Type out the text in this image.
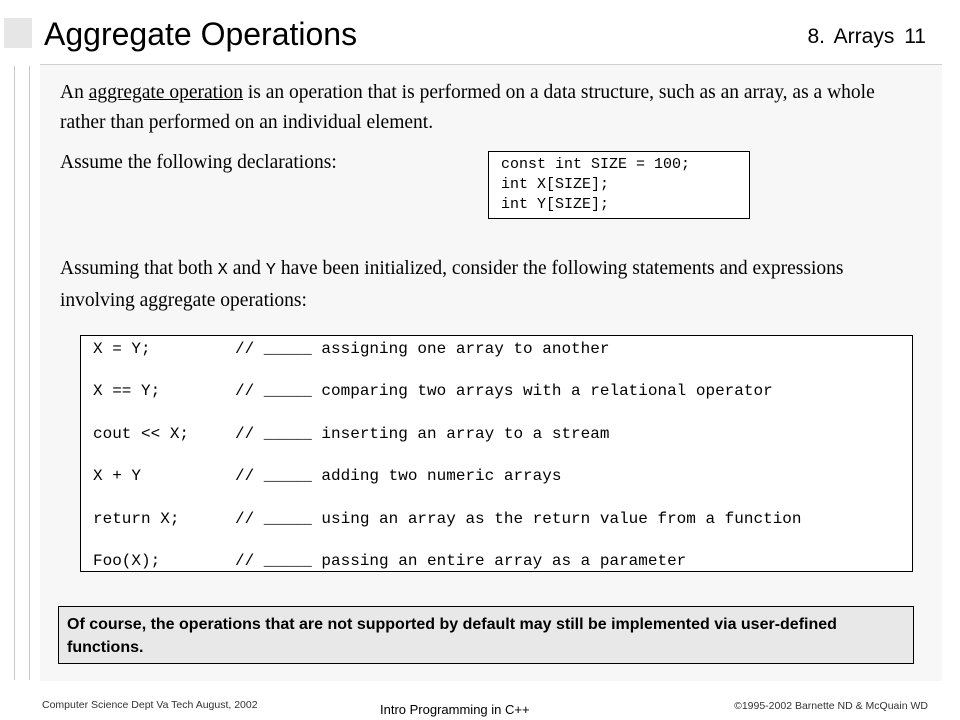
Aggregate Operations	8. Arrays 11

An aggregate operation is an operation that is performed on a data structure, such as an array, as a whole rather than performed on an individual element.

Assume the following declarations:	const int SIZE = 100;
int X[SIZE];
int Y[SIZE];

Assuming that both X and Y have been initialized, consider the following statements and expressions involving aggregate operations:

X = Y;	// _____ assigning one array to another
X == Y;	// _____ comparing two arrays with a relational operator
cout << X;	// _____ inserting an array to a stream
X + Y	// _____ adding two numeric arrays
return X;	// _____ using an array as the return value from a function
Foo(X);	// _____ passing an entire array as a parameter
Of course, the operations that are not supported by default may still be implemented via user-defined functions.
Computer Science Dept Va Tech August, 2002	Intro Programming in C++	©1995-2002 Barnette ND & McQuain WD
